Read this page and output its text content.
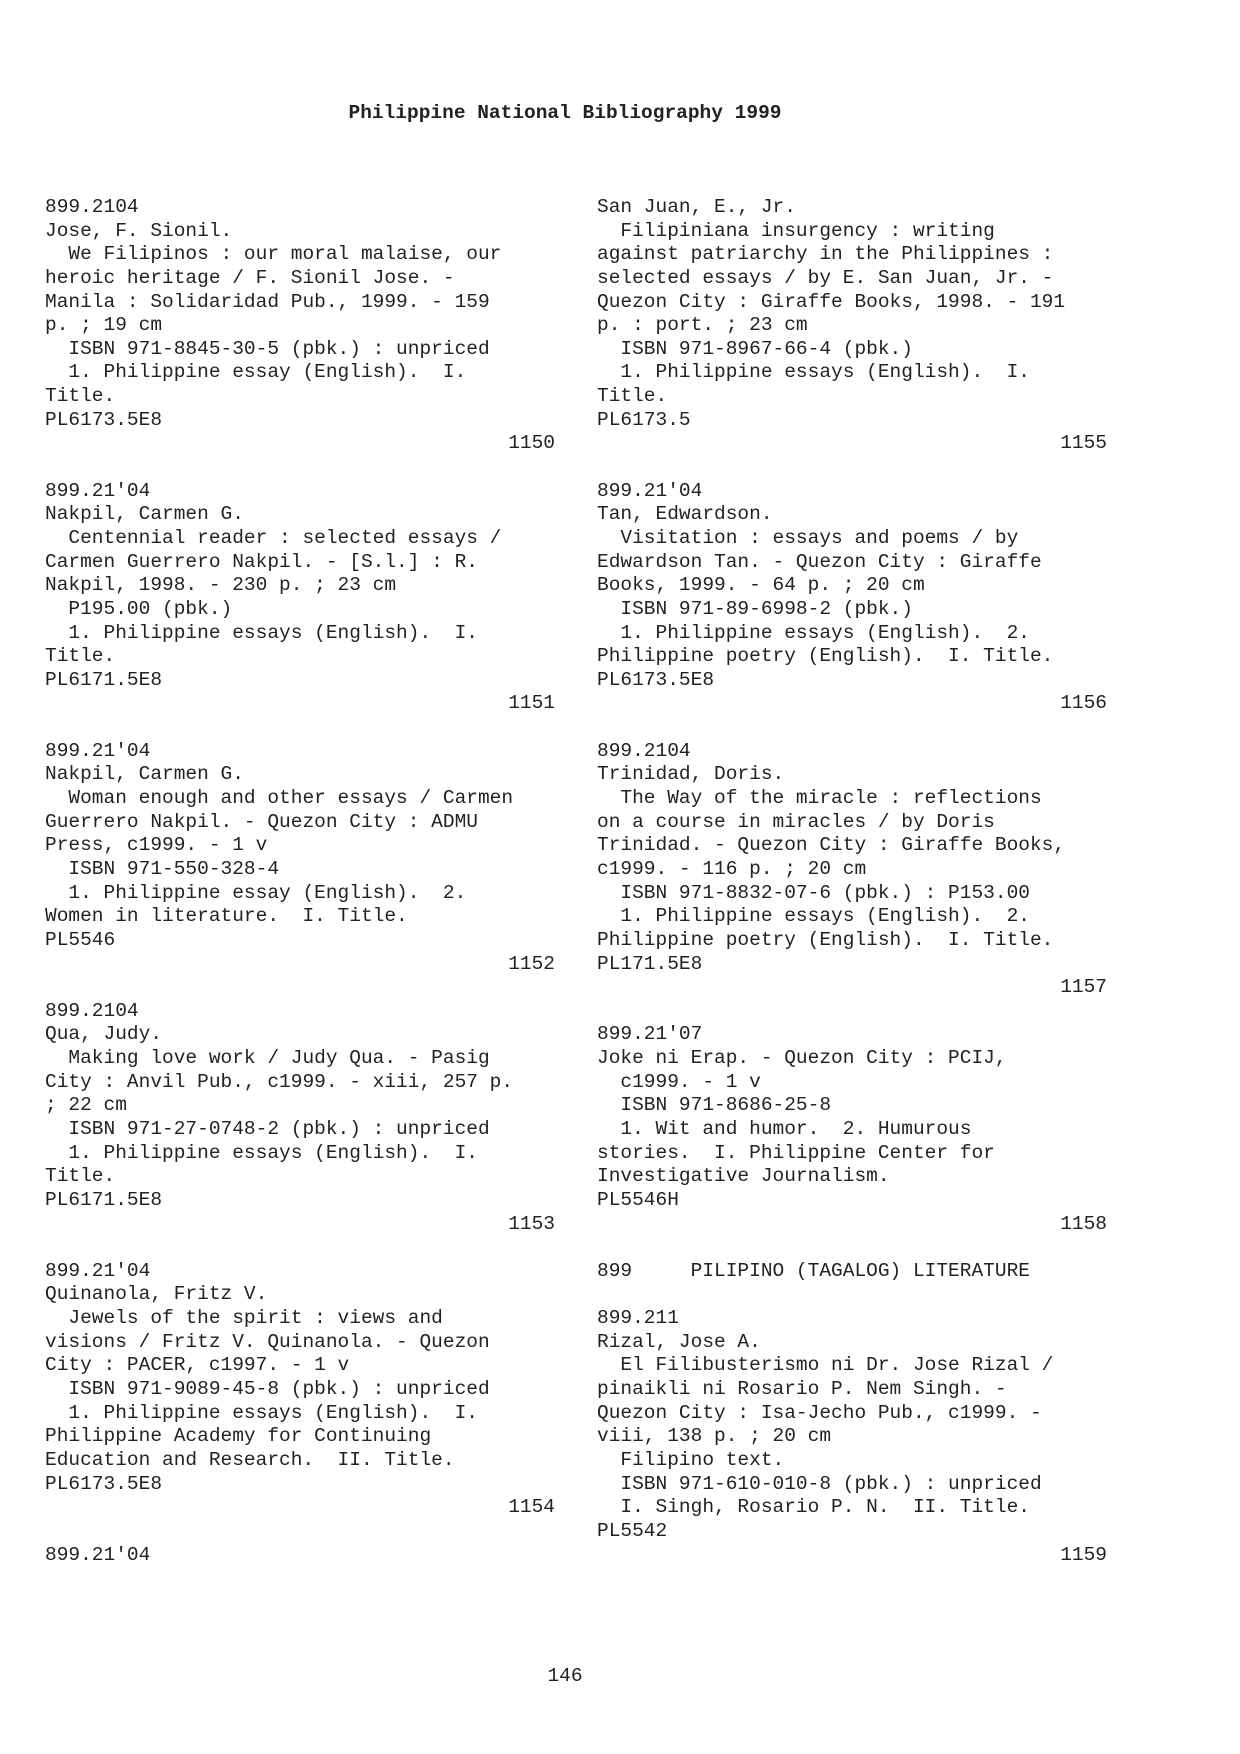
Philippine National Bibliography 1999
899.2104
Jose, F. Sionil.
We Filipinos : our moral malaise, our
heroic heritage / F. Sionil Jose. -
Manila : Solidaridad Pub., 1999. - 159
p. ; 19 cm
ISBN 971-8845-30-5 (pbk.) : unpriced
1. Philippine essay (English).  I.
Title.
PL6173.5E8
1150
899.21'04
Nakpil, Carmen G.
Centennial reader : selected essays /
Carmen Guerrero Nakpil. - [S.l.] : R.
Nakpil, 1998. - 230 p. ; 23 cm
P195.00 (pbk.)
1. Philippine essays (English).  I.
Title.
PL6171.5E8
1151
899.21'04
Nakpil, Carmen G.
Woman enough and other essays / Carmen
Guerrero Nakpil. - Quezon City : ADMU
Press, c1999. - 1 v
ISBN 971-550-328-4
1. Philippine essay (English).  2.
Women in literature.  I. Title.
PL5546
1152
899.2104
Qua, Judy.
Making love work / Judy Qua. - Pasig
City : Anvil Pub., c1999. - xiii, 257 p.
; 22 cm
ISBN 971-27-0748-2 (pbk.) : unpriced
1. Philippine essays (English).  I.
Title.
PL6171.5E8
1153
899.21'04
Quinanola, Fritz V.
Jewels of the spirit : views and
visions / Fritz V. Quinanola. - Quezon
City : PACER, c1997. - 1 v
ISBN 971-9089-45-8 (pbk.) : unpriced
1. Philippine essays (English).  I.
Philippine Academy for Continuing
Education and Research.  II. Title.
PL6173.5E8
1154
899.21'04
San Juan, E., Jr.
Filipiniana insurgency : writing
against patriarchy in the Philippines :
selected essays / by E. San Juan, Jr. -
Quezon City : Giraffe Books, 1998. - 191
p. : port. ; 23 cm
ISBN 971-8967-66-4 (pbk.)
1. Philippine essays (English).  I.
Title.
PL6173.5
1155
899.21'04
Tan, Edwardson.
Visitation : essays and poems / by
Edwardson Tan. - Quezon City : Giraffe
Books, 1999. - 64 p. ; 20 cm
ISBN 971-89-6998-2 (pbk.)
1. Philippine essays (English).  2.
Philippine poetry (English).  I. Title.
PL6173.5E8
1156
899.2104
Trinidad, Doris.
The Way of the miracle : reflections
on a course in miracles / by Doris
Trinidad. - Quezon City : Giraffe Books,
c1999. - 116 p. ; 20 cm
ISBN 971-8832-07-6 (pbk.) : P153.00
1. Philippine essays (English).  2.
Philippine poetry (English).  I. Title.
PL171.5E8
1157
899.21'07
Joke ni Erap. - Quezon City : PCIJ,
c1999. - 1 v
ISBN 971-8686-25-8
1. Wit and humor.  2. Humurous
stories.  I. Philippine Center for
Investigative Journalism.
PL5546H
1158
899     PILIPINO (TAGALOG) LITERATURE
899.211
Rizal, Jose A.
El Filibusterismo ni Dr. Jose Rizal /
pinaikli ni Rosario P. Nem Singh. -
Quezon City : Isa-Jecho Pub., c1999. -
viii, 138 p. ; 20 cm
Filipino text.
ISBN 971-610-010-8 (pbk.) : unpriced
I. Singh, Rosario P. N.  II. Title.
PL5542
1159
146
